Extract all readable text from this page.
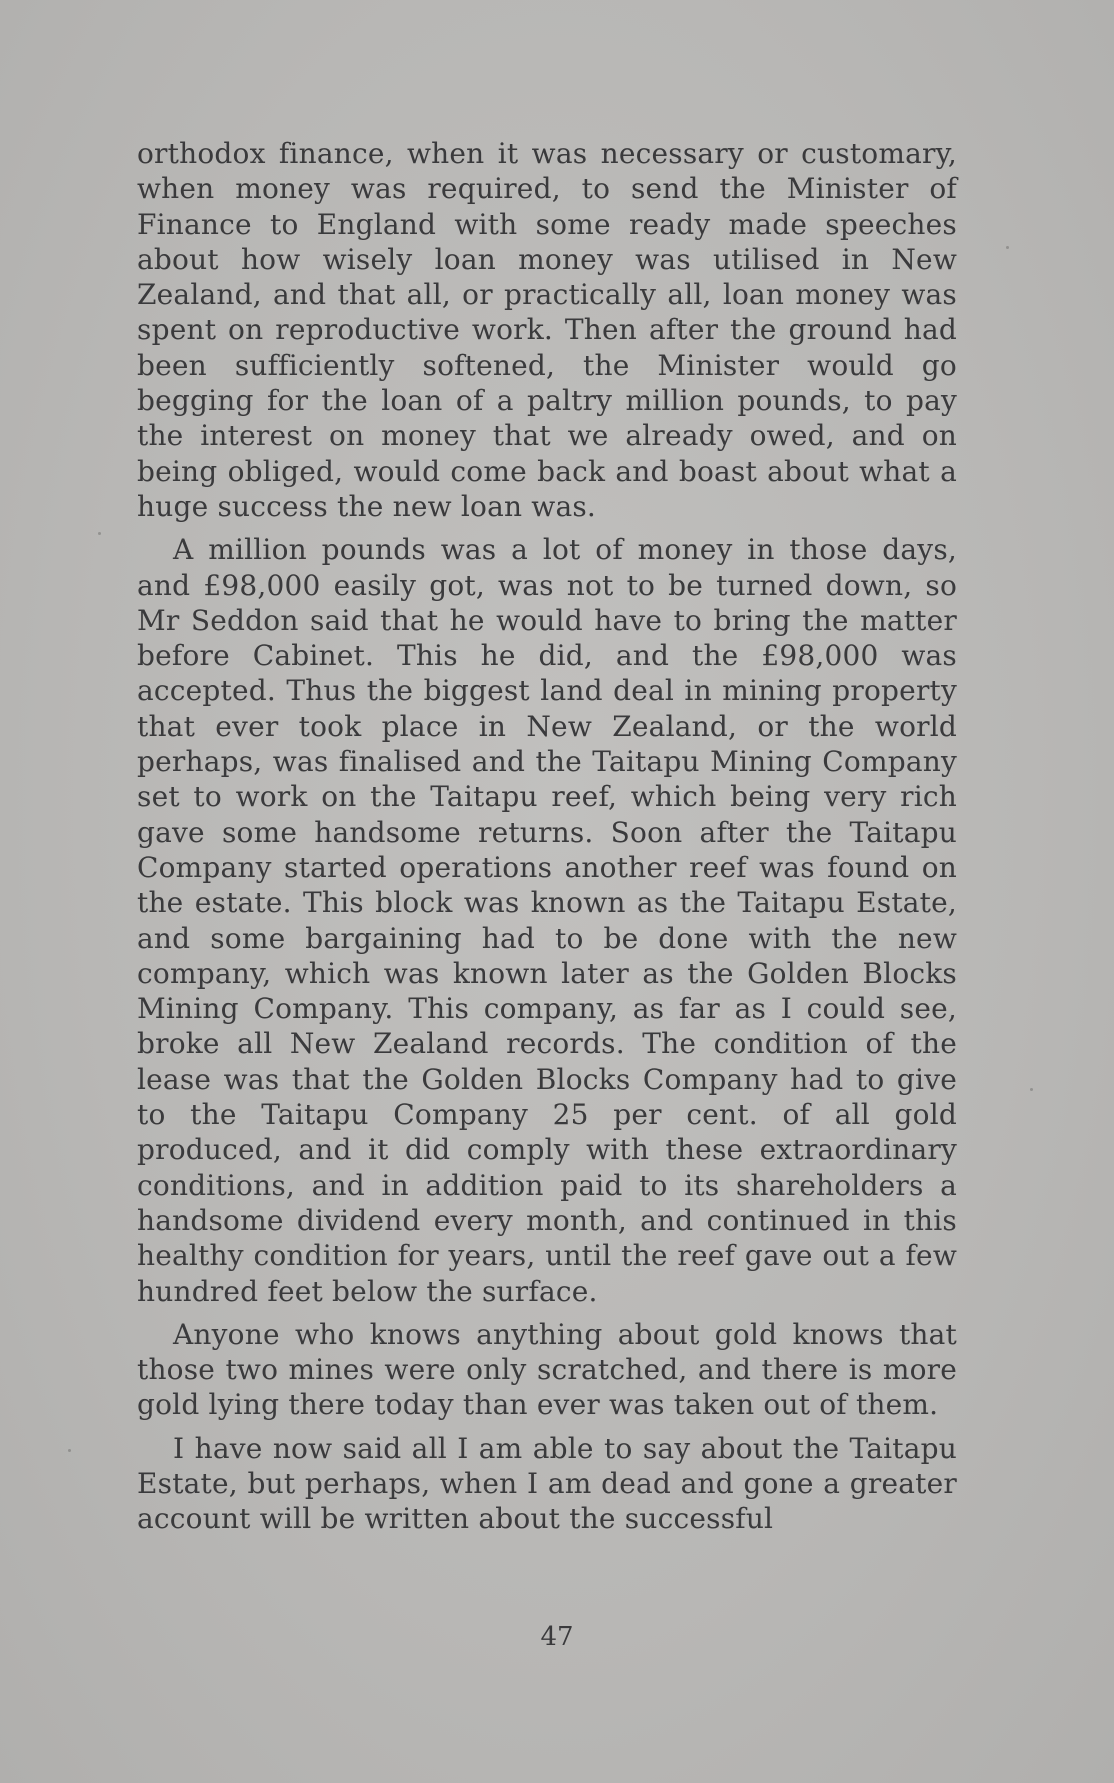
orthodox finance, when it was necessary or customary, when money was required, to send the Minister of Finance to England with some ready made speeches about how wisely loan money was utilised in New Zealand, and that all, or practically all, loan money was spent on reproductive work. Then after the ground had been sufficiently softened, the Minister would go begging for the loan of a paltry million pounds, to pay the interest on money that we already owed, and on being obliged, would come back and boast about what a huge success the new loan was.

A million pounds was a lot of money in those days, and £98,000 easily got, was not to be turned down, so Mr Seddon said that he would have to bring the matter before Cabinet. This he did, and the £98,000 was accepted. Thus the biggest land deal in mining property that ever took place in New Zealand, or the world perhaps, was finalised and the Taitapu Mining Company set to work on the Taitapu reef, which being very rich gave some handsome returns. Soon after the Taitapu Company started operations another reef was found on the estate. This block was known as the Taitapu Estate, and some bargaining had to be done with the new company, which was known later as the Golden Blocks Mining Company. This company, as far as I could see, broke all New Zealand records. The condition of the lease was that the Golden Blocks Company had to give to the Taitapu Company 25 per cent. of all gold produced, and it did comply with these extraordinary conditions, and in addition paid to its shareholders a handsome dividend every month, and continued in this healthy condition for years, until the reef gave out a few hundred feet below the surface.

Anyone who knows anything about gold knows that those two mines were only scratched, and there is more gold lying there today than ever was taken out of them.

I have now said all I am able to say about the Taitapu Estate, but perhaps, when I am dead and gone a greater account will be written about the successful

47
